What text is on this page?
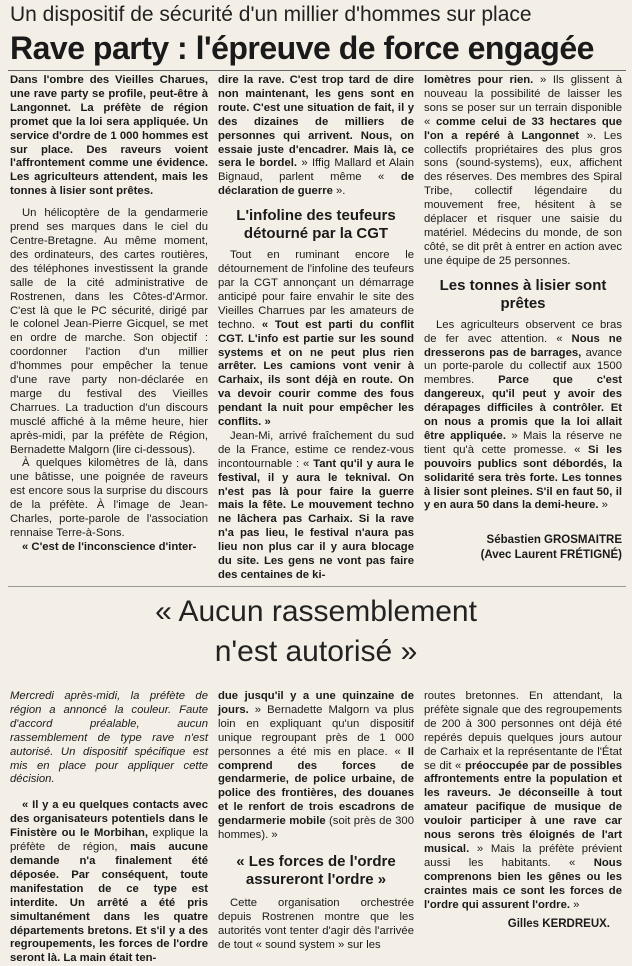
Un dispositif de sécurité d'un millier d'hommes sur place
Rave party : l'épreuve de force engagée

Dans l'ombre des Vieilles Charues, une rave party se profile, peut-être à Langonnet. La préfète de région promet que la loi sera appliquée. Un service d'ordre de 1 000 hommes est sur place. Des raveurs voient l'affrontement comme une évidence. Les agriculteurs attendent, mais les tonnes à lisier sont prêtes.

Un hélicoptère de la gendarmerie prend ses marques dans le ciel du Centre-Bretagne. Au même moment, des ordinateurs, des cartes routières, des téléphones investissent la grande salle de la cité administrative de Rostrenen, dans les Côtes-d'Armor. C'est là que le PC sécurité, dirigé par le colonel Jean-Pierre Gicquel, se met en ordre de marche. Son objectif : coordonner l'action d'un millier d'hommes pour empêcher la tenue d'une rave party non-déclarée en marge du festival des Vieilles Charrues. La traduction d'un discours musclé affiché à la même heure, hier après-midi, par la préfète de Région, Bernadette Malgorn (lire ci-dessous).

À quelques kilomètres de là, dans une bâtisse, une poignée de raveurs est encore sous la surprise du discours de la préfète. À l'image de Jean-Charles, porte-parole de l'association rennaise Terre-à-Sons.

« C'est de l'inconscience d'inter-

dire la rave. C'est trop tard de dire non maintenant, les gens sont en route. C'est une situation de fait, il y des dizaines de milliers de personnes qui arrivent. Nous, on essaie juste d'encadrer. Mais là, ce sera le bordel. » Iffig Mallard et Alain Bignaud, parlent même « de déclaration de guerre ».

L'infoline des teufeurs détourné par la CGT

Tout en ruminant encore le détournement de l'infoline des teufeurs par la CGT annonçant un démarrage anticipé pour faire envahir le site des Vieilles Charrues par les amateurs de techno. « Tout est parti du conflit CGT. L'info est partie sur les sound systems et on ne peut plus rien arrêter. Les camions vont venir à Carhaix, ils sont déjà en route. On va devoir courir comme des fous pendant la nuit pour empêcher les conflits. »

Jean-Mi, arrivé fraîchement du sud de la France, estime ce rendez-vous incontournable : « Tant qu'il y aura le festival, il y aura le teknival. On n'est pas là pour faire la guerre mais la fête. Le mouvement techno ne lâchera pas Carhaix. Si la rave n'a pas lieu, le festival n'aura pas lieu non plus car il y aura blocage du site. Les gens ne vont pas faire des centaines de ki-

lomètres pour rien. » Ils glissent à nouveau la possibilité de laisser les sons se poser sur un terrain disponible « comme celui de 33 hectares que l'on a repéré à Langonnet ». Les collectifs propriétaires des plus gros sons (sound-systems), eux, affichent des réserves. Des membres des Spiral Tribe, collectif légendaire du mouvement free, hésitent à se déplacer et risquer une saisie du matériel. Médecins du monde, de son côté, se dit prêt à entrer en action avec une équipe de 25 personnes.

Les tonnes à lisier sont prêtes

Les agriculteurs observent ce bras de fer avec attention. « Nous ne dresserons pas de barrages, avance un porte-parole du collectif aux 1500 membres. Parce que c'est dangereux, qu'il peut y avoir des dérapages difficiles à contrôler. Et on nous a promis que la loi allait être appliquée. » Mais la réserve ne tient qu'à cette promesse. « Si les pouvoirs publics sont débordés, la solidarité sera très forte. Les tonnes à lisier sont pleines. S'il en faut 50, il y en aura 50 dans la demi-heure. »

Sébastien GROSMAITRE
(Avec Laurent FRÉTIGNÉ)
« Aucun rassemblement
n'est autorisé »

Mercredi après-midi, la préfète de région a annoncé la couleur. Faute d'accord préalable, aucun rassemblement de type rave n'est autorisé. Un dispositif spécifique est mis en place pour appliquer cette décision.

« Il y a eu quelques contacts avec des organisateurs potentiels dans le Finistère ou le Morbihan, explique la préfète de région, mais aucune demande n'a finalement été déposée. Par conséquent, toute manifestation de ce type est interdite. Un arrêté a été pris simultanément dans les quatre départements bretons. Et s'il y a des regroupements, les forces de l'ordre seront là. La main était ten-

due jusqu'il y a une quinzaine de jours. » Bernadette Malgorn va plus loin en expliquant qu'un dispositif unique regroupant près de 1 000 personnes a été mis en place. « Il comprend des forces de gendarmerie, de police urbaine, de police des frontières, des douanes et le renfort de trois escadrons de gendarmerie mobile (soit près de 300 hommes). »

« Les forces de l'ordre assureront l'ordre »

Cette organisation orchestrée depuis Rostrenen montre que les autorités vont tenter d'agir dès l'arrivée de tout « sound system » sur les

routes bretonnes. En attendant, la préfète signale que des regroupements de 200 à 300 personnes ont déjà été repérés depuis quelques jours autour de Carhaix et la représentante de l'État se dit « préoccupée par de possibles affrontements entre la population et les raveurs. Je déconseille à tout amateur pacifique de musique de vouloir participer à une rave car nous serons très éloignés de l'art musical. » Mais la préfète prévient aussi les habitants. « Nous comprenons bien les gênes ou les craintes mais ce sont les forces de l'ordre qui assurent l'ordre. »

Gilles KERDREUX.
